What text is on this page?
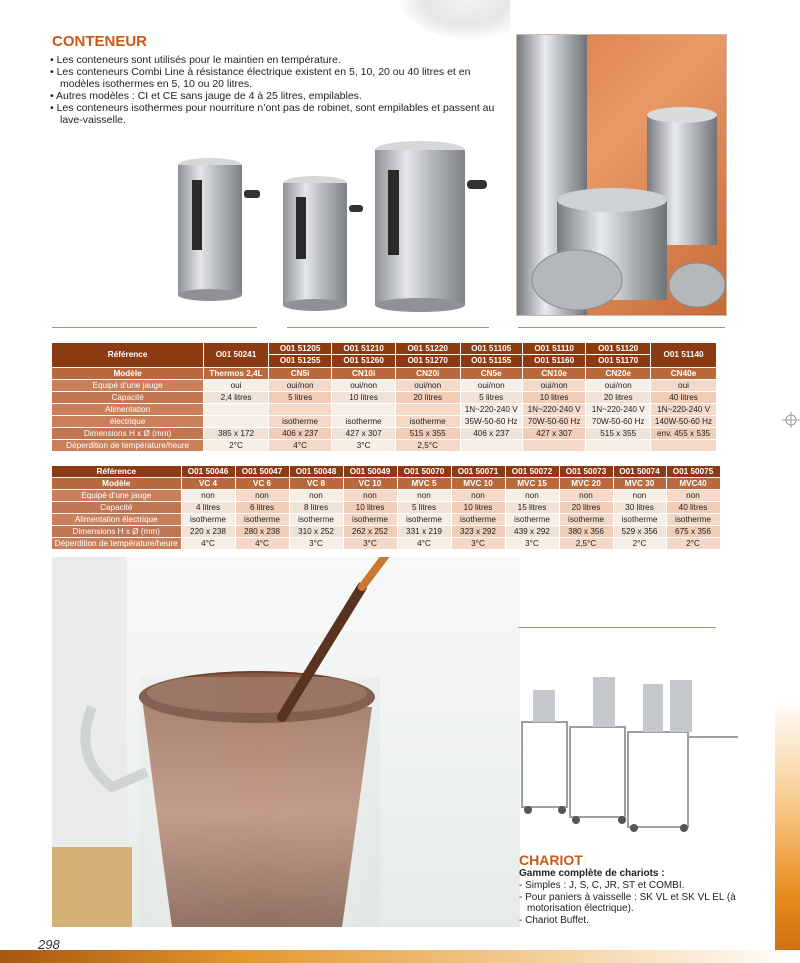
CONTENEUR
• Les conteneurs sont utilisés pour le maintien en température.
• Les conteneurs Combi Line à résistance électrique existent en 5, 10, 20 ou 40 litres et en modèles isothermes en 5, 10 ou 20 litres.
• Autres modèles : CI et CE sans jauge de 4 à 25 litres, empilables.
• Les conteneurs isothermes pour nourriture n’ont pas de robinet, sont empilables et passent au lave-vaisselle.
Référence	O01 50241	O01 51205	O01 51210	O01 51220	O01 51105	O01 51110	O01 51120	O01 51140
		O01 51255	O01 51260	O01 51270	O01 51155	O01 51160	O01 51170	
Modèle	Thermos 2,4L	CN5i	CN10i	CN20i	CN5e	CN10e	CN20e	CN40e
Equipé d’une jauge	oui	oui/non	oui/non	oui/non	oui/non	oui/non	oui/non	oui
Capacité	2,4 litres	5 litres	10 litres	20 litres	5 litres	10 litres	20 litres	40 litres
Alimentation					1N~220-240 V	1N~220-240 V	1N~220-240 V	1N~220-240 V
électrique		isotherme	isotherme	isotherme	35W-50-60 Hz	70W-50-60 Hz	70W-50-60 Hz	140W-50-60 Hz
Dimensions H x Ø (mm)	385 x 172	406 x 237	427 x 307	515 x 355	406 x 237	427 x 307	515 x 355	env. 455 x 535
Déperdition de température/heure	2°C	4°C	3°C	2,5°C				
Référence	O01 50046	O01 50047	O01 50048	O01 50049	O01 50070	O01 50071	O01 50072	O01 50073	O01 50074	O01 50075
Modèle	VC 4	VC 6	VC 8	VC 10	MVC 5	MVC 10	MVC 15	MVC 20	MVC 30	MVC40
Equipé d’une jauge	non	non	non	non	non	non	non	non	non	non
Capacité	4 litres	6 litres	8 litres	10 litres	5 litres	10 litres	15 litres	20 litres	30 litres	40 litres
Alimentation électrique	isotherme	isotherme	isotherme	isotherme	isotherme	isotherme	isotherme	isotherme	isotherme	isotherme
Dimensions H x Ø (mm)	220 x 238	280 x 238	310 x 252	262 x 252	331 x 219	323 x 292	439 x 292	380 x 356	529 x 356	675 x 356
Déperdition de température/heure	4°C	4°C	3°C	3°C	4°C	3°C	3°C	2,5°C	2°C	2°C
CHARIOT
Gamme complète de chariots :
- Simples : J, S, C, JR, ST et COMBI.
- Pour paniers à vaisselle : SK VL et SK VL EL (à motorisation électrique).
- Chariot Buffet.
298
